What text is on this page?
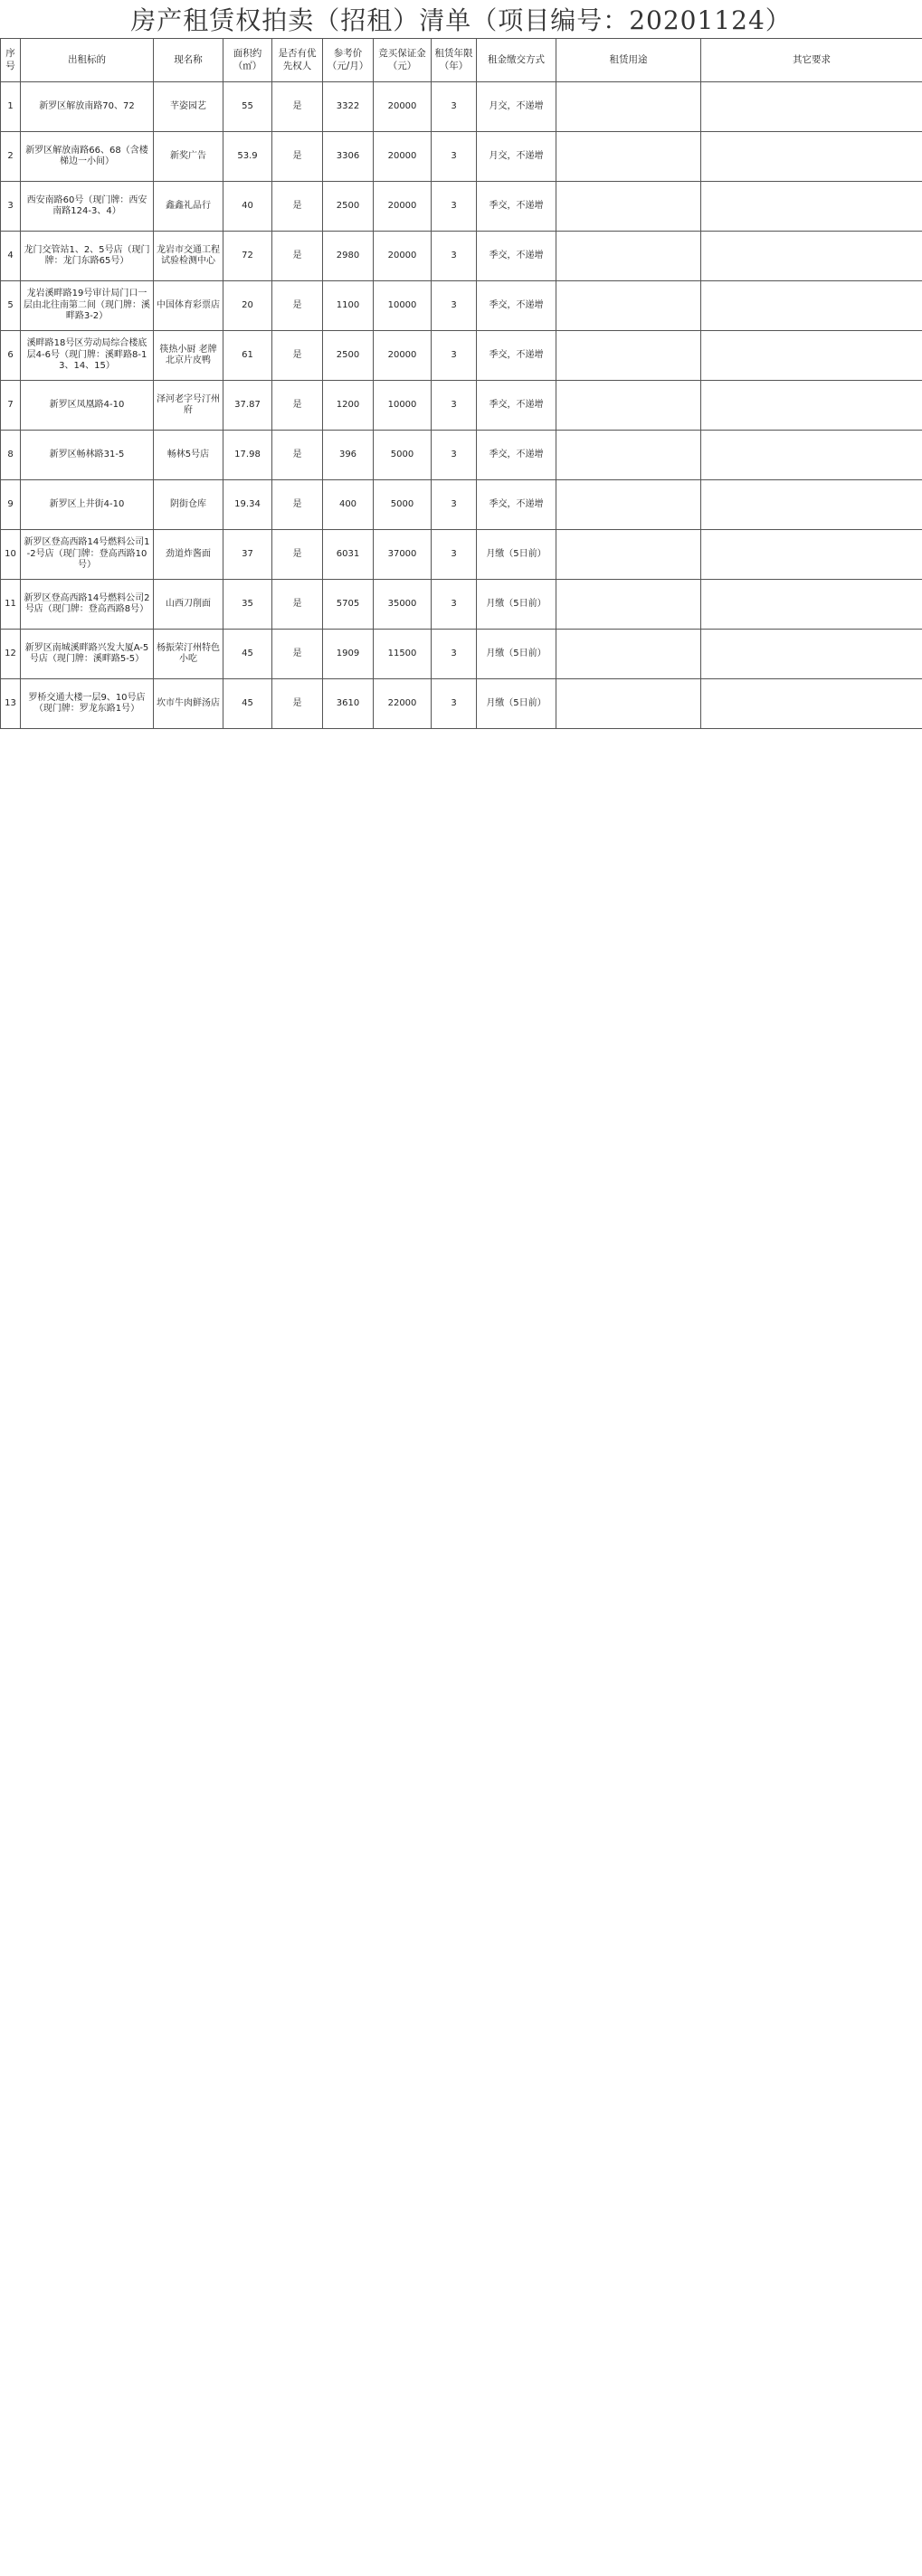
房产租赁权拍卖（招租）清单（项目编号：20201124）
序号	出租标的	现名称	面积约（㎡）	是否有优先权人	参考价（元/月）	竞买保证金（元）	租赁年限（年）	租金缴交方式	租赁用途	其它要求
1	新罗区解放南路70、72	芊姿园艺	55	是	3322	20000	3	月交，不递增		
2	新罗区解放南路66、68（含楼梯边一小间）	新奖广告	53.9	是	3306	20000	3	月交，不递增		
3	西安南路60号（现门牌：西安南路124-3、4）	鑫鑫礼品行	40	是	2500	20000	3	季交，不递增		
4	龙门交管站1、2、5号店（现门牌：龙门东路65号）	龙岩市交通工程试验检测中心	72	是	2980	20000	3	季交，不递增		
5	龙岩溪畔路19号审计局门口一层由北往南第二间（现门牌：溪畔路3-2）	中国体育彩票店	20	是	1100	10000	3	季交，不递增		
6	溪畔路18号区劳动局综合楼底层4-6号（现门牌：溪畔路8-13、14、15）	筷热小厨 老牌北京片皮鸭	61	是	2500	20000	3	季交，不递增		
7	新罗区凤凰路4-10	泽河老字号汀州府	37.87	是	1200	10000	3	季交，不递增		
8	新罗区畅林路31-5	畅林5号店	17.98	是	396	5000	3	季交，不递增		
9	新罗区上井街4-10	阴街仓库	19.34	是	400	5000	3	季交，不递增		
10	新罗区登高西路14号燃料公司1-2号店（现门牌：登高西路10号）	劲道炸酱面	37	是	6031	37000	3	月缴（5日前）		
11	新罗区登高西路14号燃料公司2号店（现门牌：登高西路8号）	山西刀削面	35	是	5705	35000	3	月缴（5日前）		
12	新罗区南城溪畔路兴发大厦A-5号店（现门牌：溪畔路5-5）	杨振荣汀州特色小吃	45	是	1909	11500	3	月缴（5日前）		
13	罗桥交通大楼一层9、10号店（现门牌：罗龙东路1号）	坎市牛肉鲜汤店	45	是	3610	22000	3	月缴（5日前）		
